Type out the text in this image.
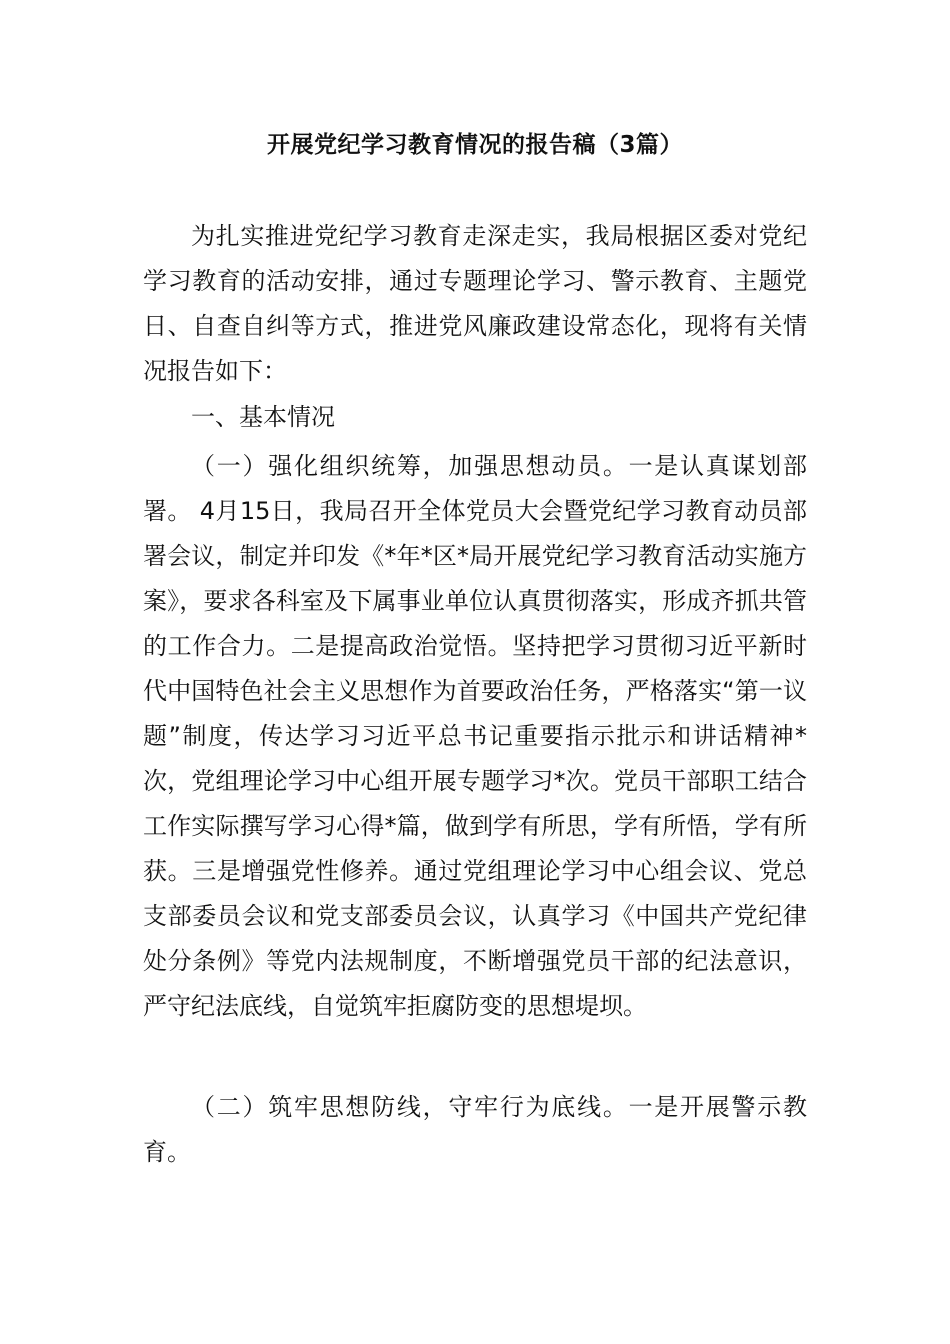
开展党纪学习教育情况的报告稿（3篇）

为扎实推进党纪学习教育走深走实，我局根据区委对党纪学习教育的活动安排，通过专题理论学习、警示教育、主题党日、自查自纠等方式，推进党风廉政建设常态化，现将有关情况报告如下：

一、基本情况

（一）强化组织统筹，加强思想动员。一是认真谋划部署。 4月15日，我局召开全体党员大会暨党纪学习教育动员部署会议，制定并印发《*年*区*局开展党纪学习教育活动实施方案》，要求各科室及下属事业单位认真贯彻落实，形成齐抓共管的工作合力。二是提高政治觉悟。坚持把学习贯彻习近平新时代中国特色社会主义思想作为首要政治任务，严格落实“第一议题”制度，传达学习习近平总书记重要指示批示和讲话精神*次，党组理论学习中心组开展专题学习*次。党员干部职工结合工作实际撰写学习心得*篇，做到学有所思，学有所悟，学有所获。三是增强党性修养。通过党组理论学习中心组会议、党总支部委员会议和党支部委员会议，认真学习《中国共产党纪律处分条例》等党内法规制度，不断增强党员干部的纪法意识，严守纪法底线，自觉筑牢拒腐防变的思想堤坝。

（二）筑牢思想防线，守牢行为底线。一是开展警示教育。
